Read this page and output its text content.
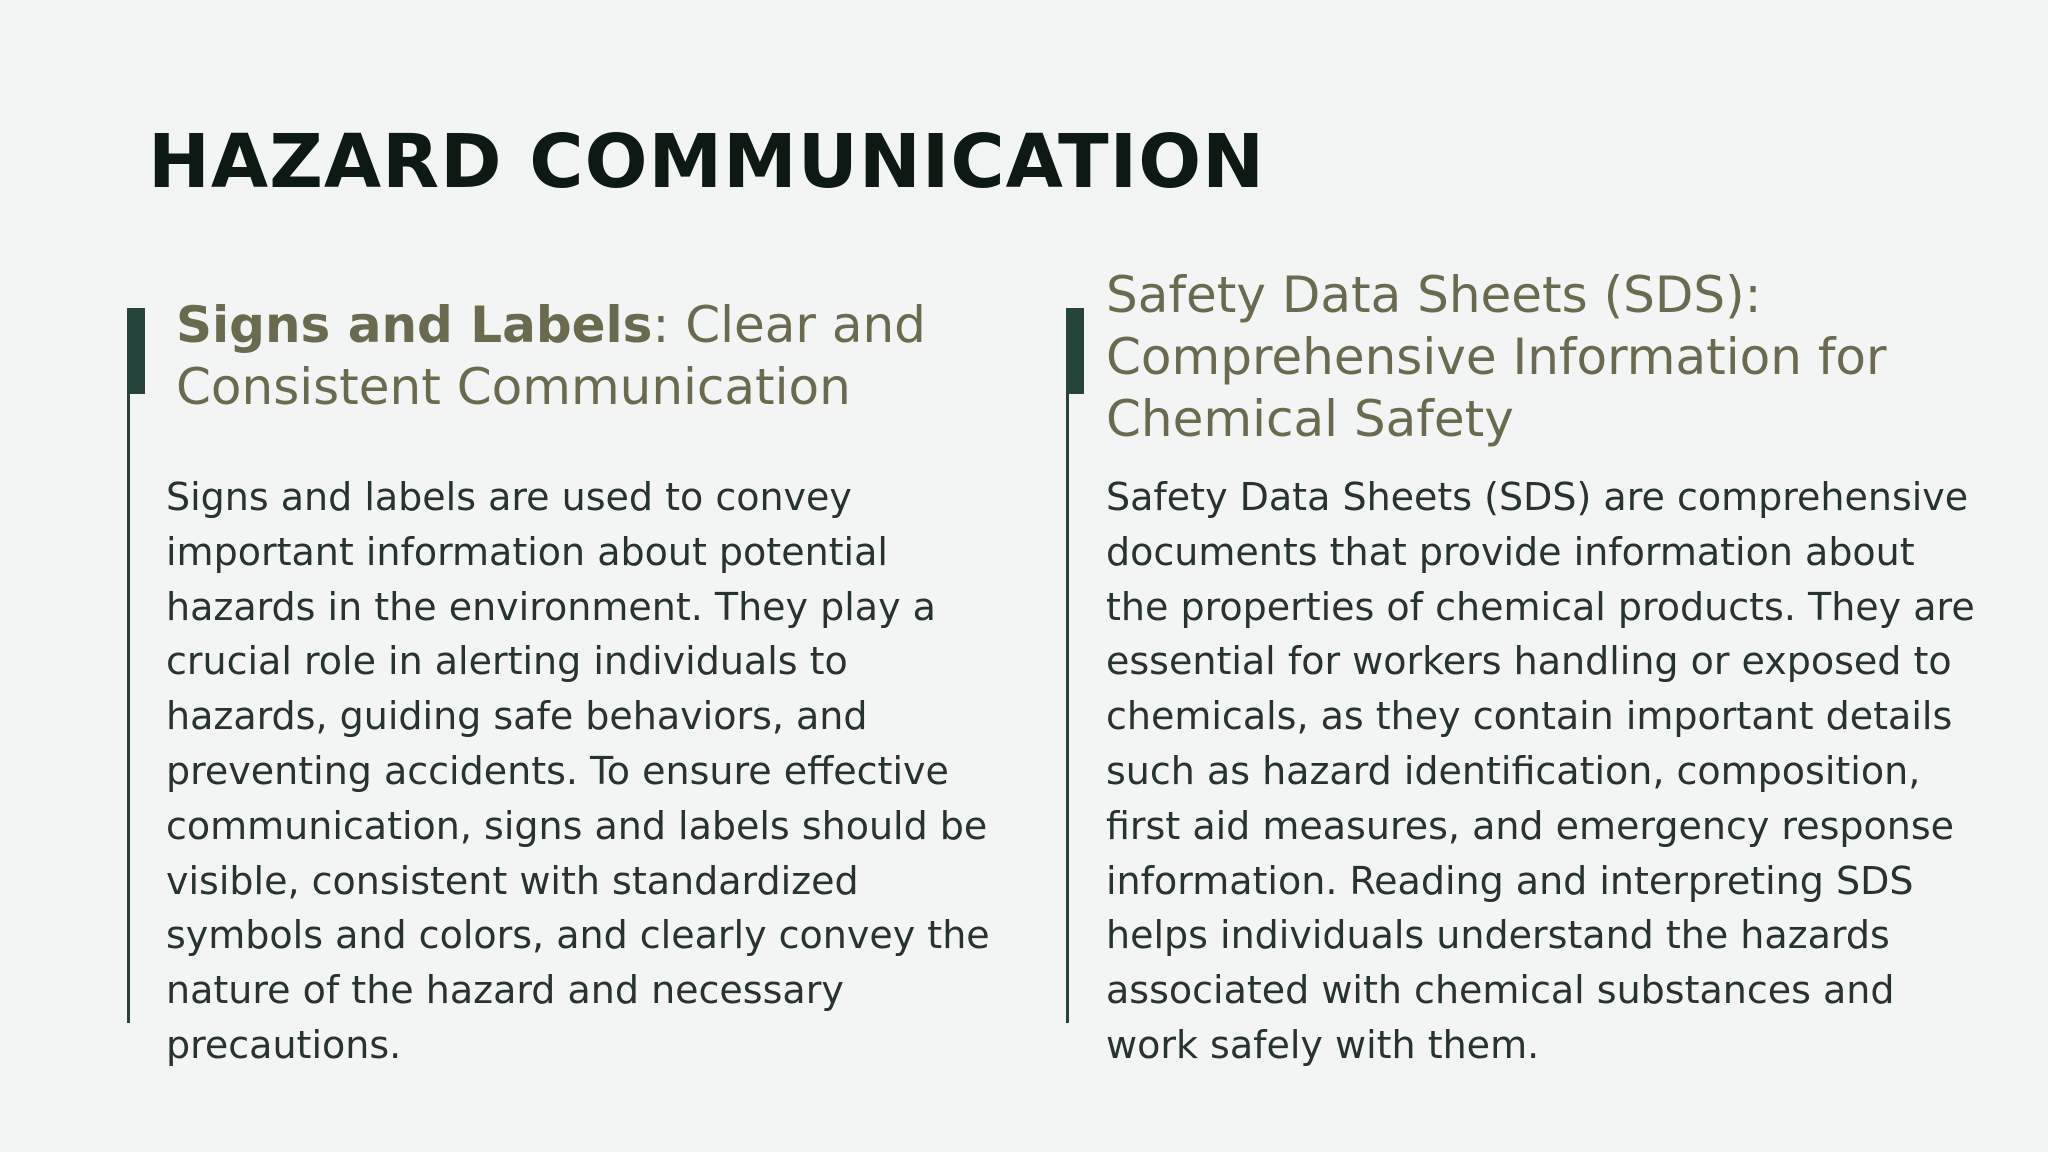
HAZARD COMMUNICATION
Signs and Labels: Clear and Consistent Communication

Signs and labels are used to convey important information about potential hazards in the environment. They play a crucial role in alerting individuals to hazards, guiding safe behaviors, and preventing accidents. To ensure effective communication, signs and labels should be visible, consistent with standardized symbols and colors, and clearly convey the nature of the hazard and necessary precautions.

Safety Data Sheets (SDS): Comprehensive Information for Chemical Safety

Safety Data Sheets (SDS) are comprehensive documents that provide information about the properties of chemical products. They are essential for workers handling or exposed to chemicals, as they contain important details such as hazard identification, composition, first aid measures, and emergency response information. Reading and interpreting SDS helps individuals understand the hazards associated with chemical substances and work safely with them.
